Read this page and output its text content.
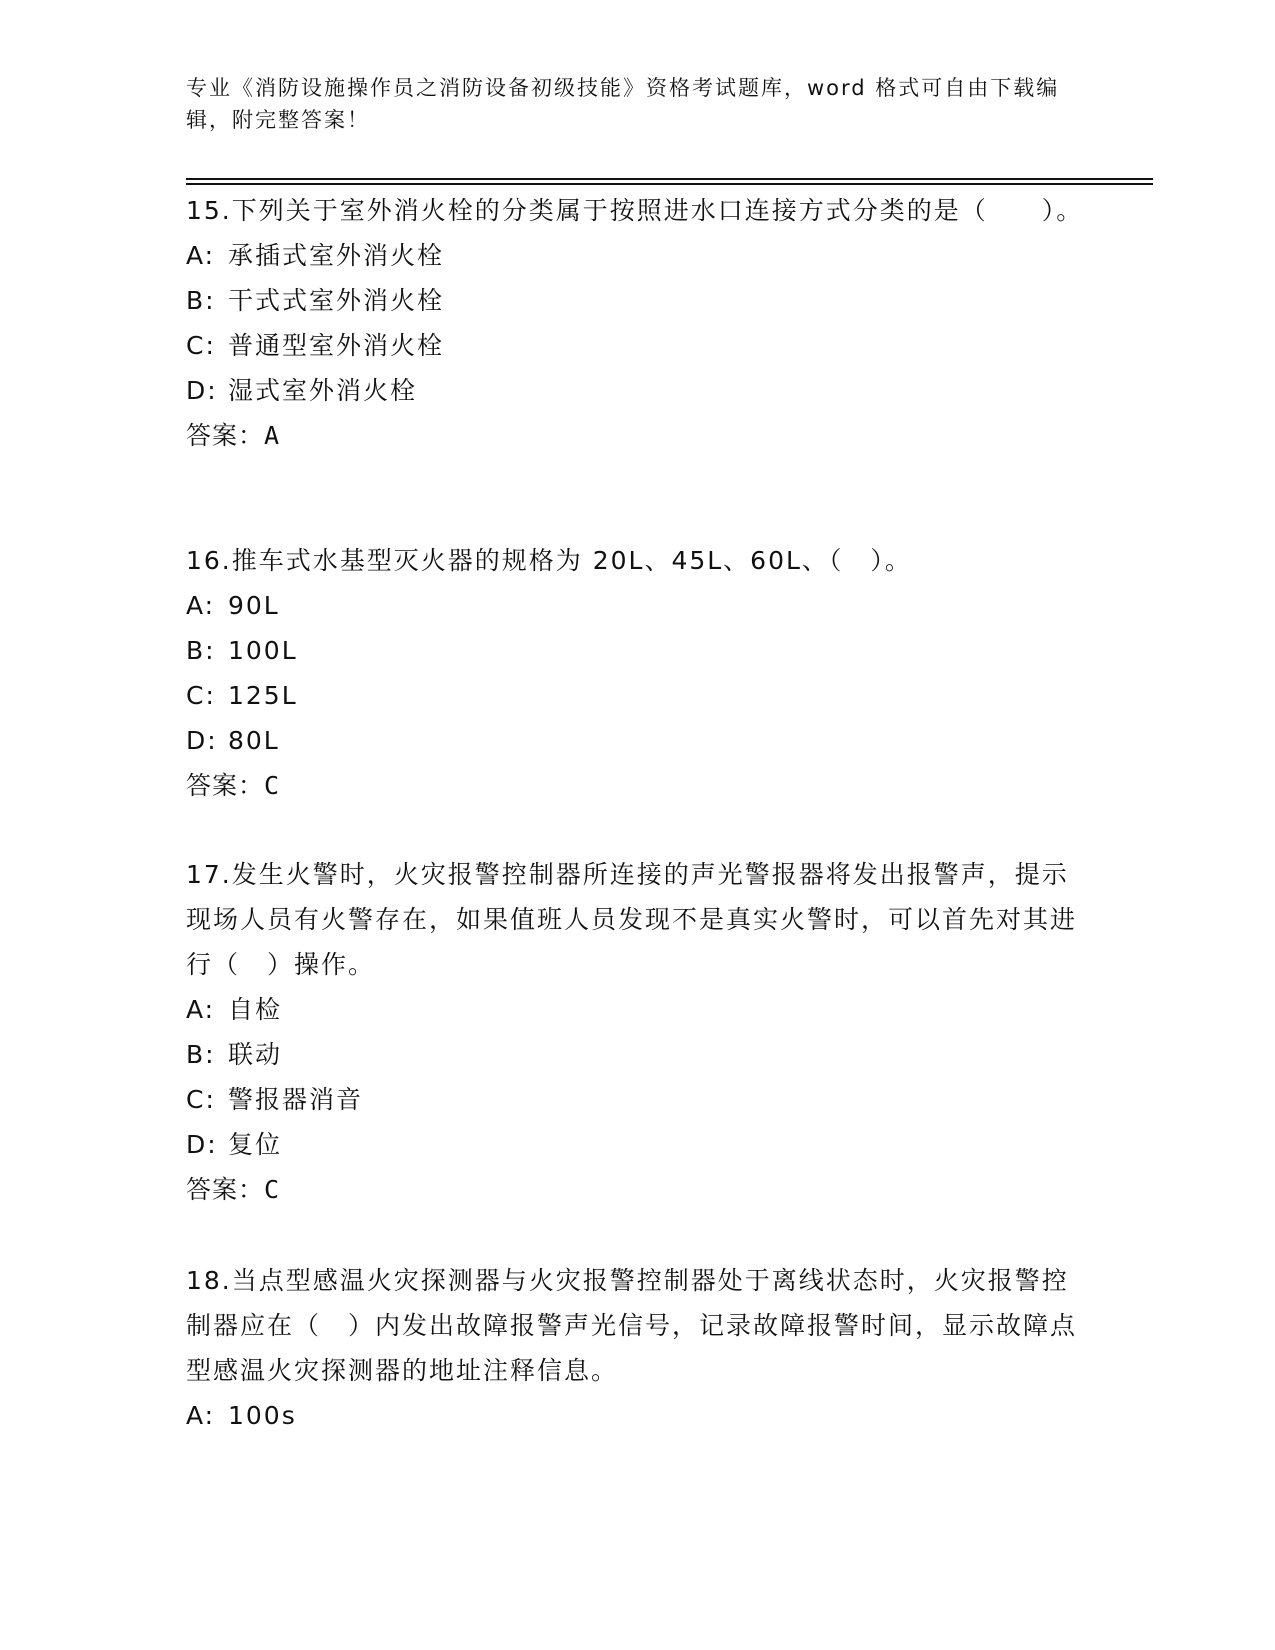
专业《消防设施操作员之消防设备初级技能》资格考试题库，word 格式可自由下载编辑，附完整答案！

15.下列关于室外消火栓的分类属于按照进水口连接方式分类的是（　　）。

A: 承插式室外消火栓

B: 干式式室外消火栓

C: 普通型室外消火栓

D: 湿式室外消火栓

答案：A

16.推车式水基型灭火器的规格为 20L、45L、60L、（　）。

A: 90L

B: 100L

C: 125L

D: 80L

答案：C

17.发生火警时，火灾报警控制器所连接的声光警报器将发出报警声，提示现场人员有火警存在，如果值班人员发现不是真实火警时，可以首先对其进行（　）操作。

A: 自检

B: 联动

C: 警报器消音

D: 复位

答案：C

18.当点型感温火灾探测器与火灾报警控制器处于离线状态时，火灾报警控制器应在（　）内发出故障报警声光信号，记录故障报警时间，显示故障点型感温火灾探测器的地址注释信息。

A: 100s
